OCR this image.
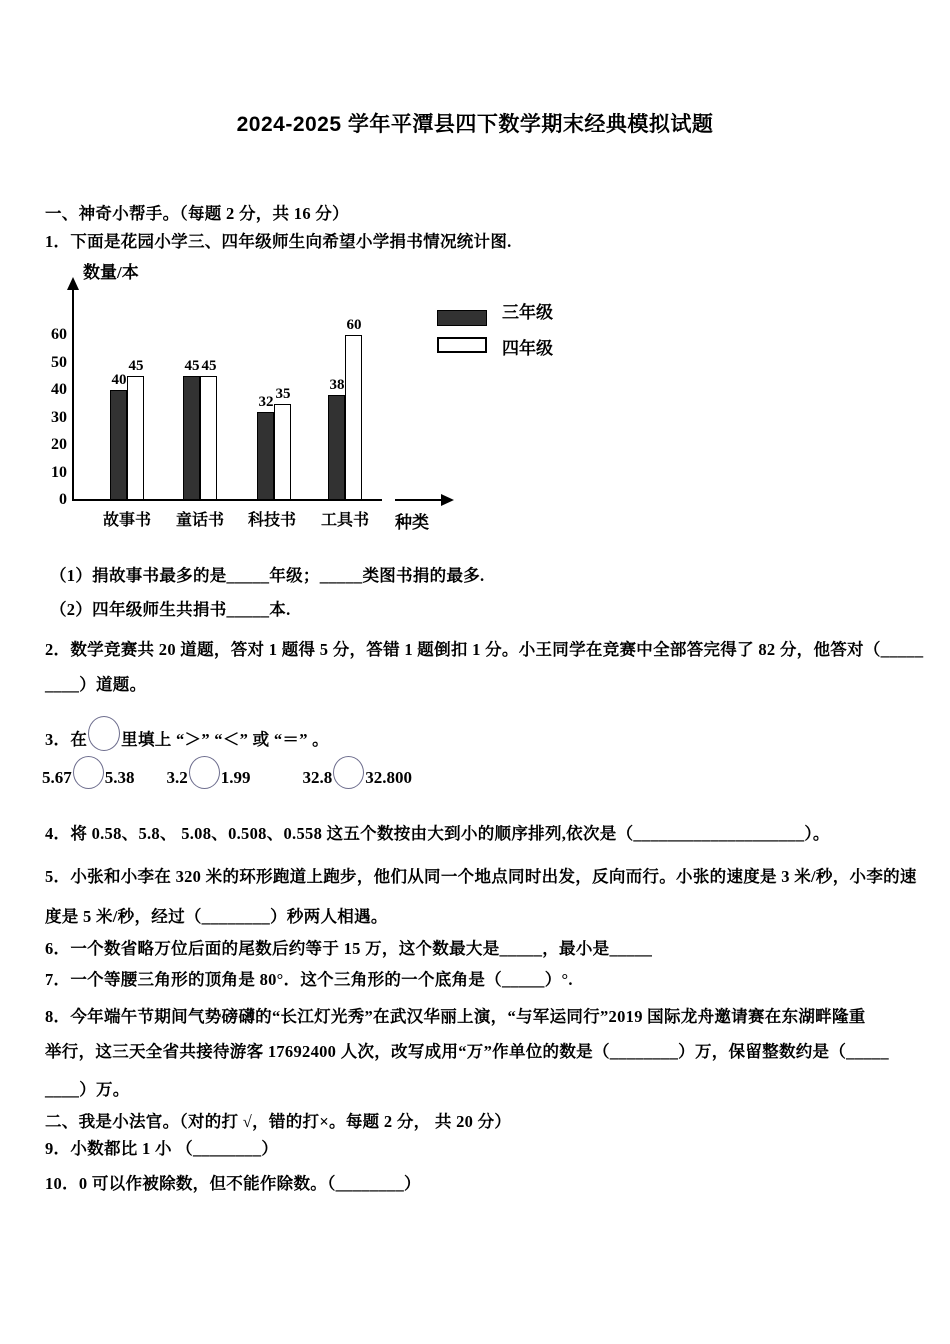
2024-2025 学年平潭县四下数学期末经典模拟试题
一、神奇小帮手。（每题 2 分，共 16 分）
1．下面是花园小学三、四年级师生向希望小学捐书情况统计图.
数量/本
种类
三年级
四年级
0
10
20
30
40
50
60
40
45
32
38
45	45
35
60
故事书	童话书	科技书	工具书
（1）捐故事书最多的是_____年级；_____类图书捐的最多.
（2）四年级师生共捐书_____本.
2．数学竞赛共 20 道题，答对 1 题得 5 分，答错 1 题倒扣 1 分。小王同学在竞赛中全部答完得了 82 分，他答对（_____
____）道题。
3．在 里填上 “＞” “＜” 或 “＝” 。
5.67 5.38 3.2 1.99	32.8 32.800
4．将 0.58、5.8、 5.08、0.508、0.558 这五个数按由大到小的顺序排列,依次是（____________________）。
5．小张和小李在 320 米的环形跑道上跑步，他们从同一个地点同时出发，反向而行。小张的速度是 3 米/秒，小李的速
度是 5 米/秒，经过（________）秒两人相遇。
6．一个数省略万位后面的尾数后约等于 15 万，这个数最大是_____，最小是_____
7．一个等腰三角形的顶角是 80°．这个三角形的一个底角是（_____）°.
8．今年端午节期间气势磅礴的“长江灯光秀”在武汉华丽上演，“与军运同行”2019 国际龙舟邀请赛在东湖畔隆重
举行，这三天全省共接待游客 17692400 人次，改写成用“万”作单位的数是（________）万，保留整数约是（_____
____）万。
二、我是小法官。（对的打 √，错的打×。每题 2 分， 共 20 分）
9．小数都比 1 小 （________）
10．0 可以作被除数，但不能作除数。（________）
